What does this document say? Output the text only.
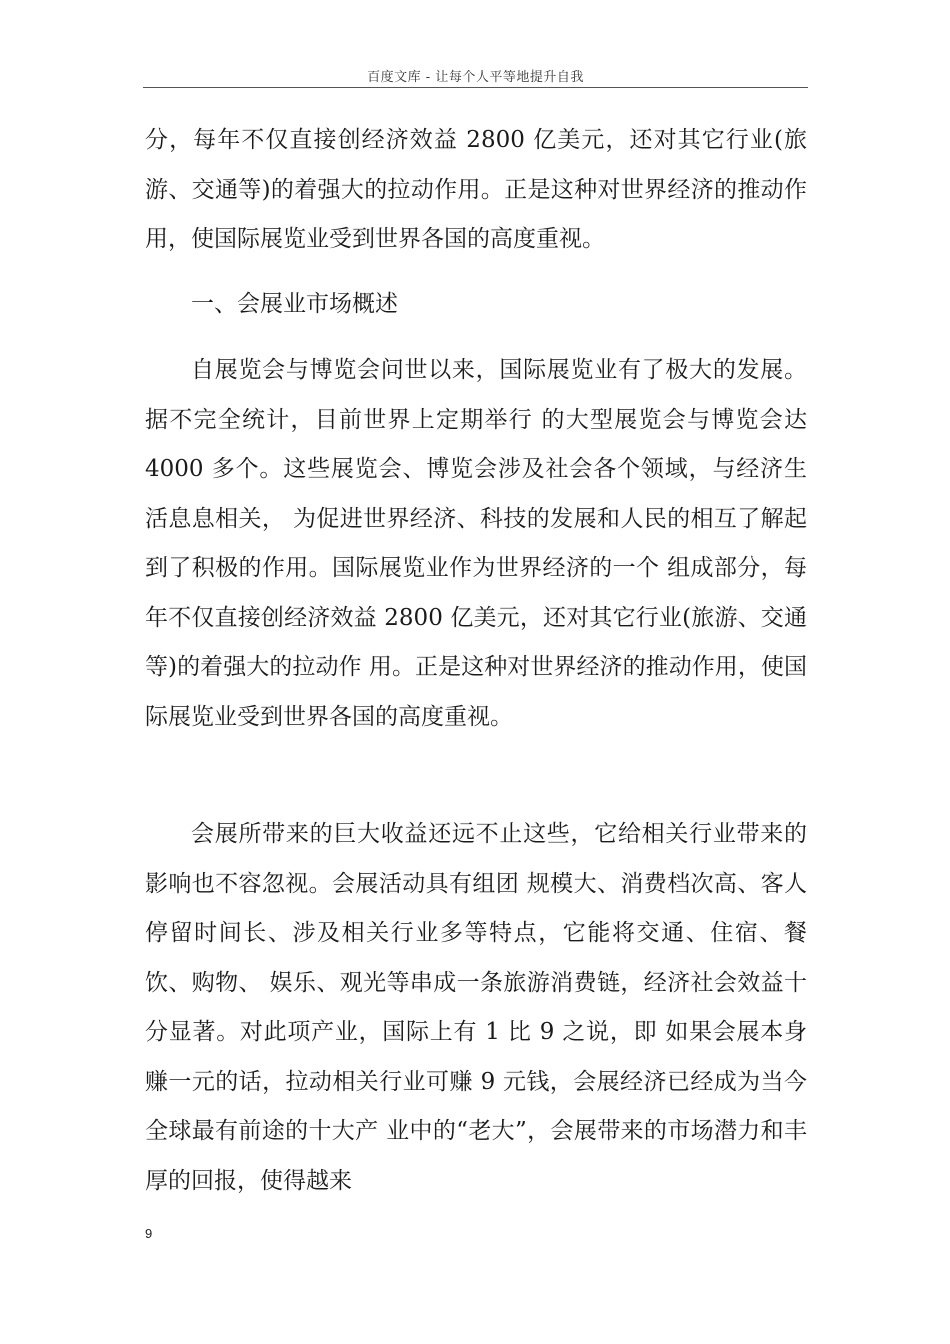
百度文库 - 让每个人平等地提升自我

分，每年不仅直接创经济效益 2800 亿美元，还对其它行业(旅游、交通等)的着强大的拉动作用。正是这种对世界经济的推动作 用，使国际展览业受到世界各国的高度重视。

一、会展业市场概述

自展览会与博览会问世以来，国际展览业有了极大的发展。据不完全统计，目前世界上定期举行 的大型展览会与博览会达 4000 多个。这些展览会、博览会涉及社会各个领域，与经济生活息息相关， 为促进世界经济、科技的发展和人民的相互了解起到了积极的作用。国际展览业作为世界经济的一个 组成部分，每年不仅直接创经济效益 2800 亿美元，还对其它行业(旅游、交通等)的着强大的拉动作 用。正是这种对世界经济的推动作用，使国际展览业受到世界各国的高度重视。

会展所带来的巨大收益还远不止这些，它给相关行业带来的影响也不容忽视。会展活动具有组团 规模大、消费档次高、客人停留时间长、涉及相关行业多等特点，它能将交通、住宿、餐饮、购物、 娱乐、观光等串成一条旅游消费链，经济社会效益十分显著。对此项产业，国际上有 1 比 9 之说，即 如果会展本身赚一元的话，拉动相关行业可赚 9 元钱，会展经济已经成为当今全球最有前途的十大产 业中的“老大”，会展带来的市场潜力和丰厚的回报，使得越来

9
